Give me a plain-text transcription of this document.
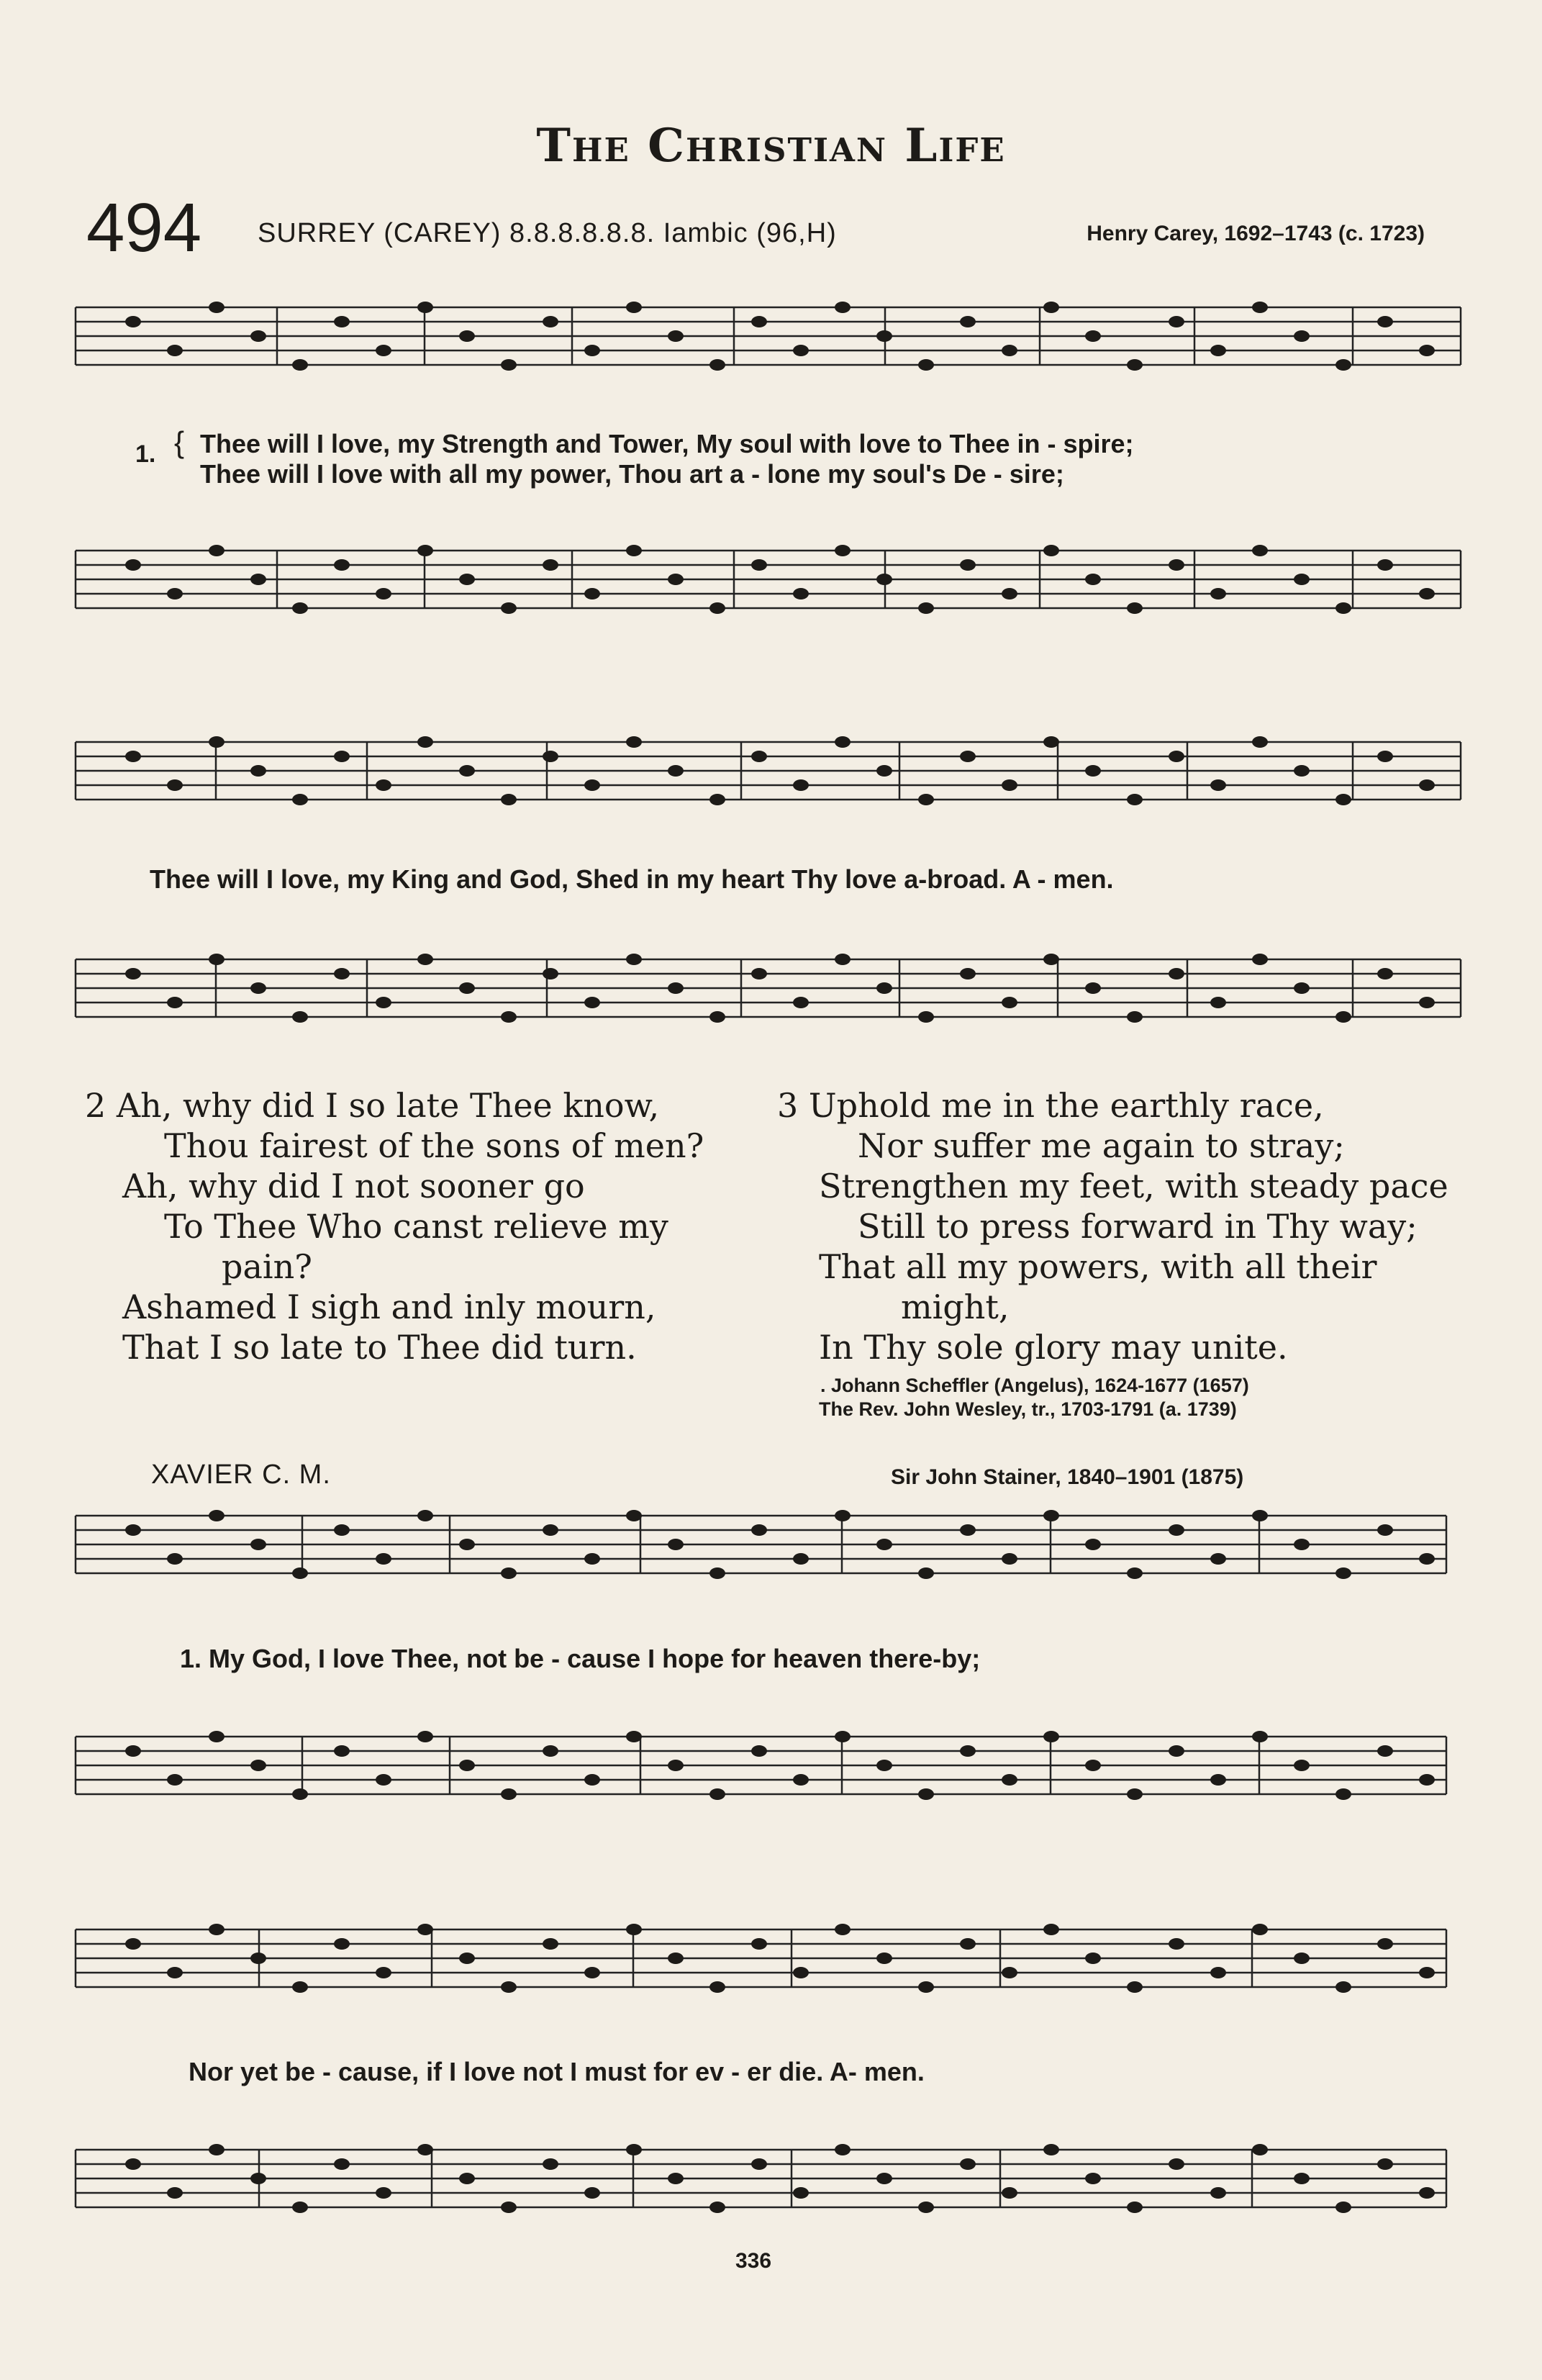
The Christian Life
494 SURREY (CAREY) 8.8.8.8.8.8. Iambic (96,H)	Henry Carey, 1692–1743 (c. 1723)
1. { Thee will I love, my Strength and Tower, My soul with love to Thee in - spire;
Thee will I love with all my power, Thou art a - lone my soul's De - sire;
Thee will I love, my King and God, Shed in my heart Thy love a-broad. A - men.
2 Ah, why did I so late Thee know,
Thou fairest of the sons of men?
Ah, why did I not sooner go
To Thee Who canst relieve my
pain?
Ashamed I sigh and inly mourn,
That I so late to Thee did turn.
3 Uphold me in the earthly race,
Nor suffer me again to stray;
Strengthen my feet, with steady pace
Still to press forward in Thy way;
That all my powers, with all their
might,
In Thy sole glory may unite.
. Johann Scheffler (Angelus), 1624-1677 (1657)
The Rev. John Wesley, tr., 1703-1791 (a. 1739)
XAVIER C. M.	Sir John Stainer, 1840–1901 (1875)
1. My God, I love Thee, not be - cause I hope for heaven there-by;
Nor yet be - cause, if I love not I must for ev - er die. A- men.
336
